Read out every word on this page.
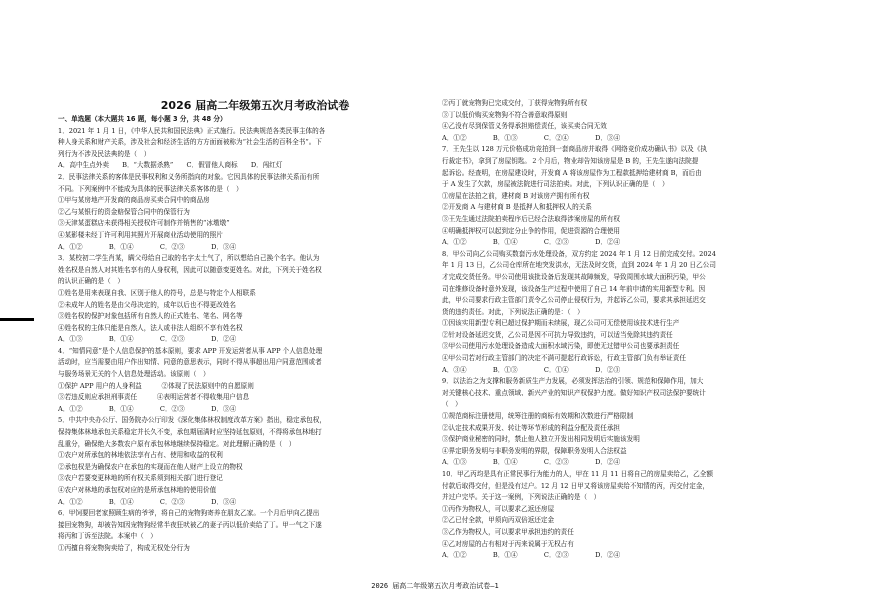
2026 届高二年级第五次月考政治试卷
一、单选题（本大题共 16 题，每小题 3 分，共 48 分）
1．2021 年 1 月 1 日，《中华人民共和国民法典》正式施行。民法典规范各类民事主体的各
种人身关系和财产关系，涉及社会和经济生活的方方面面被称为“社会生活的百科全书”。下
列行为不涉及民法典的是（　）
A．高中生点外卖　　B．“大数据杀熟”　　C．假冒他人商标　　D．闯红灯
2．民事法律关系的客体是民事权利和义务所指向的对象。它因具体的民事法律关系而有所
不同。下列案例中不能成为具体的民事法律关系客体的是（　）
①甲与某房地产开发商的商品房买卖合同中的商品房
②乙与某银行的资金赔保管合同中的保管行为
③天津某蛋糕店未获得相关授权许可制作并销售的“冰墩墩”
④某影楼未经丁许可利用其照片开展商业活动使用的照片
A．①②　　　　B．①④　　　　C．②③　　　　D．③④
3．某校初二学生肖某，瞒父母给自己取的名字太土气了，所以想给自己换个名字。他认为
姓名权是自然人对其姓名享有的人身权利，因此可以随意变更姓名。对此，下列关于姓名权
的认识正确的是（　）
①姓名是用来表现自我、区别于他人的符号，总是与特定个人相联系
②未成年人的姓名是由父母决定的，成年以后也不得更改姓名
③姓名权的保护对象包括所有自然人的正式姓名、笔名、网名等
④姓名权的主体只能是自然人，法人或非法人组织不享有姓名权
A．①③　　　　B．①④　　　　C．②③　　　　D．②④
4．“知情同意”是个人信息保护的基本原则，要求 APP 开发运营者从事 APP 个人信息处理
活动时，应当需要由用户作出知情、同意的意思表示，同时不得从事超出用户同意范围或者
与服务场景无关的个人信息处理活动。该原则（　）
①保护 APP 用户的人身利益　　　②体现了民法原则中的自愿原则
③若违反则应承担刑事责任　　　④表明运营者不得收集用户信息
A．①②　　　　B．①④　　　　C．②③　　　　D．③④
5．中共中央办公厅、国务院办公厅印发《深化集体林权制度改革方案》指出，稳定承包权，
保持集体林地承包关系稳定并长久不变，承包期届满时应坚持延包原则，不得将承包林地打
乱重分，确保绝大多数农户原有承包林地继续保持稳定。对此理解正确的是（　）
①农户对所承包的林地依法享有占有、使用和收益的权利
②承包权是为确保农户在承包的实现而在他人财产上设立的物权
③农户若要变更林地的所有权关系须到相关部门进行登记
④农户对林地的承包权对应的是所承包林地的使用价值
A．①②　　　　B．①④　　　　C．②③　　　　D．③④
6．甲饲要回老家照顾生病的爷爷，将自己的宠物狗寄养在朋友乙家。一个月后甲向乙提出
接回宠物狗，却被告知因宠物狗经常半夜狂吠被乙的妻子丙以低价卖给了丁。甲一气之下遂
将丙和丁诉至法院。本案中（　）
①丙擅自将宠物狗卖给了，构成无权处分行为
②丙丁就宠物狗已完成交付，丁获得宠物狗所有权
③丁以低价购买宠物狗不符合善意取得原则
④乙没有尽到保管义务得承担赔偿责任，该买卖合同无效
A．①②　　　　B．①③　　　　C．②④　　　　D．③④
7．王先生以 128 万元价格成功竞拍到一套商品房并取得《网络竞价成功确认书》以及《执
行裁定书》，拿到了房屋钥匙。２个月后，物业却告知该房屋是 B 的，王先生遂向法院提
起诉讼。经查明，在房屋建设时，开发商 A 将该房屋作为工程款抵押给建材商 B，而后由
于 A 发生了欠款，房屋被法院进行司法拍卖。对此，下列认识正确的是（　）
①房屋在法拍之前，建材商 B 对该房产拥有所有权
②开发商 A 与建材商 B 是抵押人和抵押权人的关系
③王先生通过法院拍卖程序后已经合法取得涉案房屋的所有权
④明确抵押权可以起到定分止争的作用，促进资源的合理使用
A．①②　　　　B．①④　　　　C．②③　　　　D．②④
8．甲公司向乙公司购买数套污水处理设备，双方约定 2024 年 1 月 12 日前完成交付。2024
年 1 月 13 日，乙公司仓库所在地突发洪水，无法及时交货，直到 2024 年 1 月 20 日乙公司
才完成交货任务。甲公司使用该批设备后发现其故障频发，导致周围水域大面积污染，甲公
司在维修设备时意外发现，该设备生产过程中使用了自己 14 年前申请的实用新型专利。因
此，甲公司要求行政主管部门责令乙公司停止侵权行为，并起诉乙公司，要求其承担延迟交
货的违约责任。对此，下列说法正确的是：（　）
①因该实用新型专利已超过保护期而未续展，现乙公司可无偿使用该技术进行生产
②针对设备延迟交货，乙公司是因不可抗力导致违约，可以适当免除其违约责任
③甲公司使用污水处理设备造成大面积水域污染，即使无过错甲公司也要承担责任
④甲公司若对行政主管部门的决定不满可提起行政诉讼，行政主管部门负有举证责任
A．③④　　　　B．①③　　　　C．①④　　　　D．②③
9．以法治之为支撑和服务新质生产力发展，必须发挥法治的引领、规范和保障作用，加大
对关键核心技术、重点领域、新兴产业的知识产权保护力度。做好知识产权司法保护要统计
（　）
①规范商标注册使用，统筹注册的商标有效期和次数进行严格限制
②认定技术成果开发、转让等环节形成的利益分配及责任承担
③保护商业秘密的同时，禁止他人独立开发出相同发明后实施该发明
④界定职务发明与非职务发明的界限，保障职务发明人合法权益
A．①③　　　　B．①④　　　　C．②③　　　　D．②④
10．甲乙丙均是具有正常民事行为能力的人，甲在 11 月 11 日将自己的房屋卖给乙，乙全额
付款后取得交付，但是没有过户。12 月 12 日甲又将该房屋卖给不知情的丙，丙交付定金，
并过户完毕。关于这一案例，下列说法正确的是（　）
①丙作为物权人，可以要求乙返还房屋
②乙已付全款，甲须向丙双倍返还定金
③乙作为物权人，可以要求甲承担违约的责任
④乙对房屋的占有相对于丙来说属于无权占有
A．①②　　　　B．①④　　　　C．②③　　　　D．②④
2026 届高二年级第五次月考政治试卷—1
